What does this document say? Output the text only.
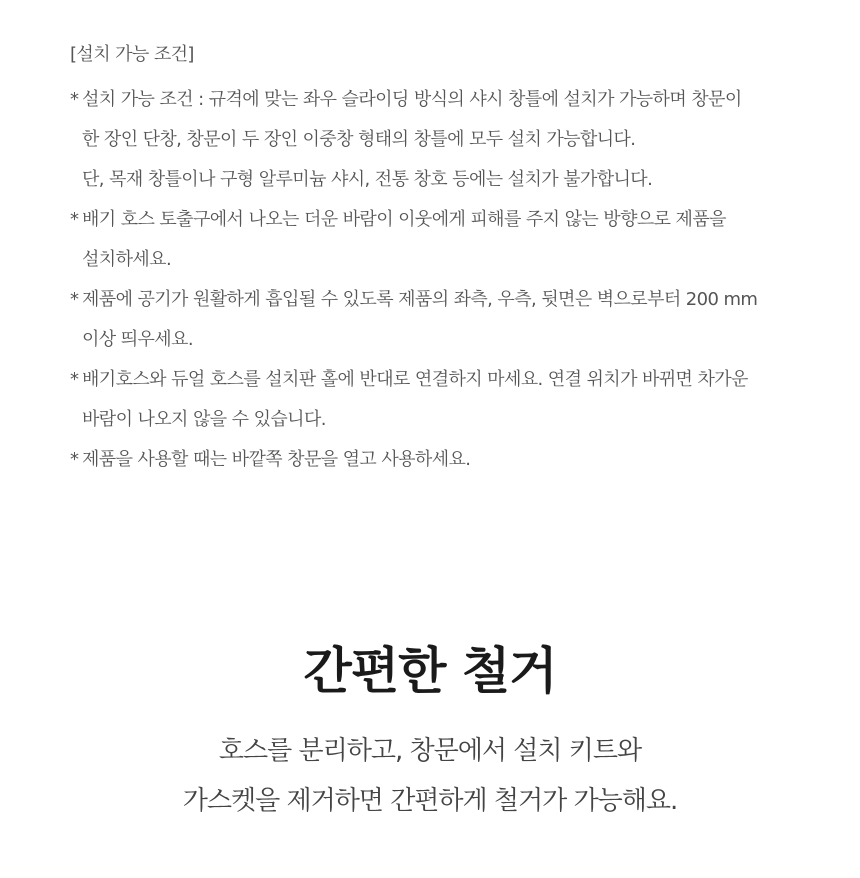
[설치 가능 조건]
* 설치 가능 조건 : 규격에 맞는 좌우 슬라이딩 방식의 샤시 창틀에 설치가 가능하며 창문이
한 장인 단창, 창문이 두 장인 이중창 형태의 창틀에 모두 설치 가능합니다.
단, 목재 창틀이나 구형 알루미늄 샤시, 전통 창호 등에는 설치가 불가합니다.
* 배기 호스 토출구에서 나오는 더운 바람이 이웃에게 피해를 주지 않는 방향으로 제품을
설치하세요.
* 제품에 공기가 원활하게 흡입될 수 있도록 제품의 좌측, 우측, 뒷면은 벽으로부터 200 mm
이상 띄우세요.
* 배기호스와 듀얼 호스를 설치판 홀에 반대로 연결하지 마세요. 연결 위치가 바뀌면 차가운
바람이 나오지 않을 수 있습니다.
* 제품을 사용할 때는 바깥쪽 창문을 열고 사용하세요.
간편한 철거
호스를 분리하고, 창문에서 설치 키트와
가스켓을 제거하면 간편하게 철거가 가능해요.
